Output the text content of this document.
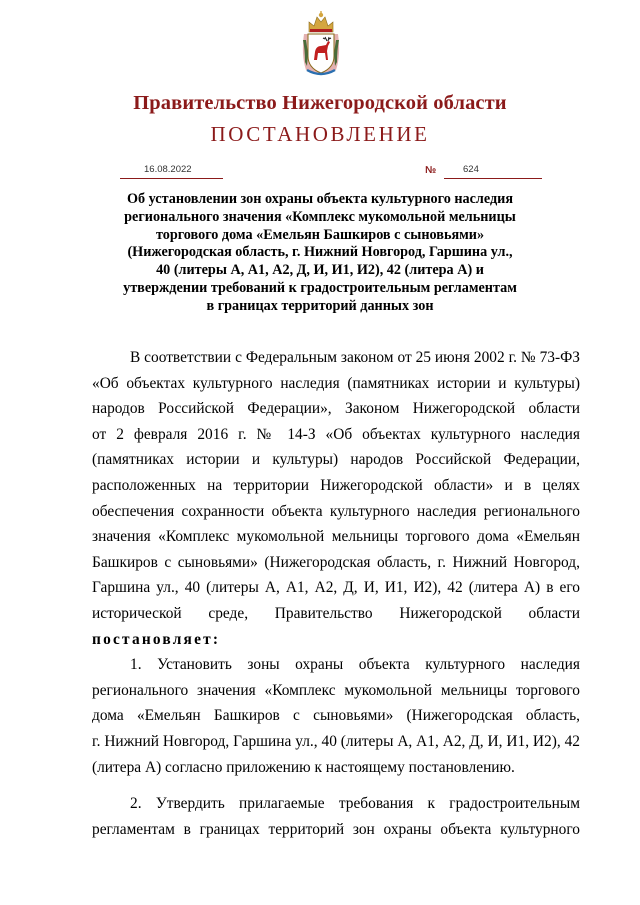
Правительство Нижегородской области
ПОСТАНОВЛЕНИЕ
16.08.2022	№	624
Об установлении зон охраны объекта культурного наследия
регионального значения «Комплекс мукомольной мельницы
торгового дома «Емельян Башкиров с сыновьями»
(Нижегородская область, г. Нижний Новгород, Гаршина ул.,
40 (литеры А, А1, А2, Д, И, И1, И2), 42 (литера А) и
утверждении требований к градостроительным регламентам
в границах территорий данных зон
В соответствии с Федеральным законом от 25 июня 2002 г. № 73-ФЗ
«Об объектах культурного наследия (памятниках истории и культуры)
народов Российской Федерации», Законом Нижегородской области
от 2 февраля 2016 г. № 14-З «Об объектах культурного наследия
(памятниках истории и культуры) народов Российской Федерации,
расположенных на территории Нижегородской области» и в целях
обеспечения сохранности объекта культурного наследия регионального
значения «Комплекс мукомольной мельницы торгового дома «Емельян
Башкиров с сыновьями» (Нижегородская область, г. Нижний Новгород,
Гаршина ул., 40 (литеры А, А1, А2, Д, И, И1, И2), 42 (литера А) в его
исторической среде, Правительство Нижегородской области
постановляет:
1. Установить зоны охраны объекта культурного наследия
регионального значения «Комплекс мукомольной мельницы торгового
дома «Емельян Башкиров с сыновьями» (Нижегородская область,
г. Нижний Новгород, Гаршина ул., 40 (литеры А, А1, А2, Д, И, И1, И2), 42
(литера А) согласно приложению к настоящему постановлению.
2. Утвердить прилагаемые требования к градостроительным
регламентам в границах территорий зон охраны объекта культурного
